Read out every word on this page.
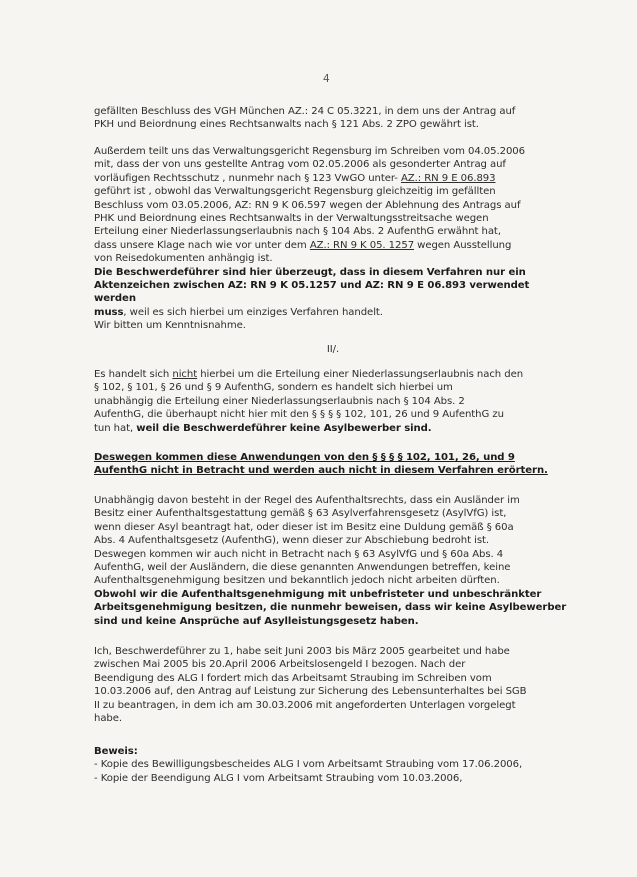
4

gefällten Beschluss des VGH München AZ.: 24 C 05.3221, in dem uns der Antrag auf

PKH und Beiordnung eines Rechtsanwalts nach § 121 Abs. 2 ZPO gewährt ist.

Außerdem teilt uns das Verwaltungsgericht Regensburg im Schreiben vom 04.05.2006

mit, dass der von uns gestellte Antrag vom 02.05.2006 als gesonderter Antrag auf

vorläufigen Rechtsschutz , nunmehr nach § 123 VwGO unter- AZ.: RN 9 E 06.893

geführt ist , obwohl das Verwaltungsgericht Regensburg gleichzeitig im gefällten

Beschluss vom 03.05.2006, AZ: RN 9 K 06.597 wegen der Ablehnung des Antrags auf

PHK und Beiordnung eines Rechtsanwalts in der Verwaltungsstreitsache wegen

Erteilung einer Niederlassungserlaubnis nach § 104 Abs. 2 AufenthG erwähnt hat,

dass unsere Klage nach wie vor unter dem AZ.: RN 9 K 05. 1257 wegen Ausstellung

von Reisedokumenten anhängig ist.

Die Beschwerdeführer sind hier überzeugt, dass in diesem Verfahren nur ein

Aktenzeichen zwischen AZ: RN 9 K 05.1257 und AZ: RN 9 E 06.893 verwendet werden

muss, weil es sich hierbei um einziges Verfahren handelt.

Wir bitten um Kenntnisnahme.

II/.

Es handelt sich nicht hierbei um die Erteilung einer Niederlassungserlaubnis nach den

§ 102, § 101, § 26 und § 9 AufenthG, sondern es handelt sich hierbei um

unabhängig die Erteilung einer Niederlassungserlaubnis nach § 104 Abs. 2

AufenthG, die überhaupt nicht hier mit den § § § § 102, 101, 26 und 9 AufenthG zu

tun hat, weil die Beschwerdeführer keine Asylbewerber sind.

Deswegen kommen diese Anwendungen von den § § § § 102, 101, 26, und 9

AufenthG nicht in Betracht und werden auch nicht in diesem Verfahren erörtern.

Unabhängig davon besteht in der Regel des Aufenthaltsrechts, dass ein Ausländer im

Besitz einer Aufenthaltsgestattung gemäß § 63 Asylverfahrensgesetz (AsylVfG) ist,

wenn dieser Asyl beantragt hat, oder dieser ist im Besitz eine Duldung gemäß § 60a

Abs. 4 Aufenthaltsgesetz (AufenthG), wenn dieser zur Abschiebung bedroht ist.

Deswegen kommen wir auch nicht in Betracht nach § 63 AsylVfG und § 60a Abs. 4

AufenthG, weil der Ausländern, die diese genannten Anwendungen betreffen, keine

Aufenthaltsgenehmigung besitzen und bekanntlich jedoch nicht arbeiten dürften.

Obwohl wir die Aufenthaltsgenehmigung mit unbefristeter und unbeschränkter

Arbeitsgenehmigung besitzen, die nunmehr beweisen, dass wir keine Asylbewerber

sind und keine Ansprüche auf Asylleistungsgesetz haben.

Ich, Beschwerdeführer zu 1, habe seit Juni 2003 bis März 2005 gearbeitet und habe

zwischen Mai 2005 bis 20.April 2006 Arbeitslosengeld I bezogen. Nach der

Beendigung des ALG I fordert mich das Arbeitsamt Straubing im Schreiben vom

10.03.2006 auf, den Antrag auf Leistung zur Sicherung des Lebensunterhaltes bei SGB

II zu beantragen, in dem ich am 30.03.2006 mit angeforderten Unterlagen vorgelegt

habe.

Beweis:

- Kopie des Bewilligungsbescheides ALG I vom Arbeitsamt Straubing vom 17.06.2006,

- Kopie der Beendigung ALG I vom Arbeitsamt Straubing vom 10.03.2006,
